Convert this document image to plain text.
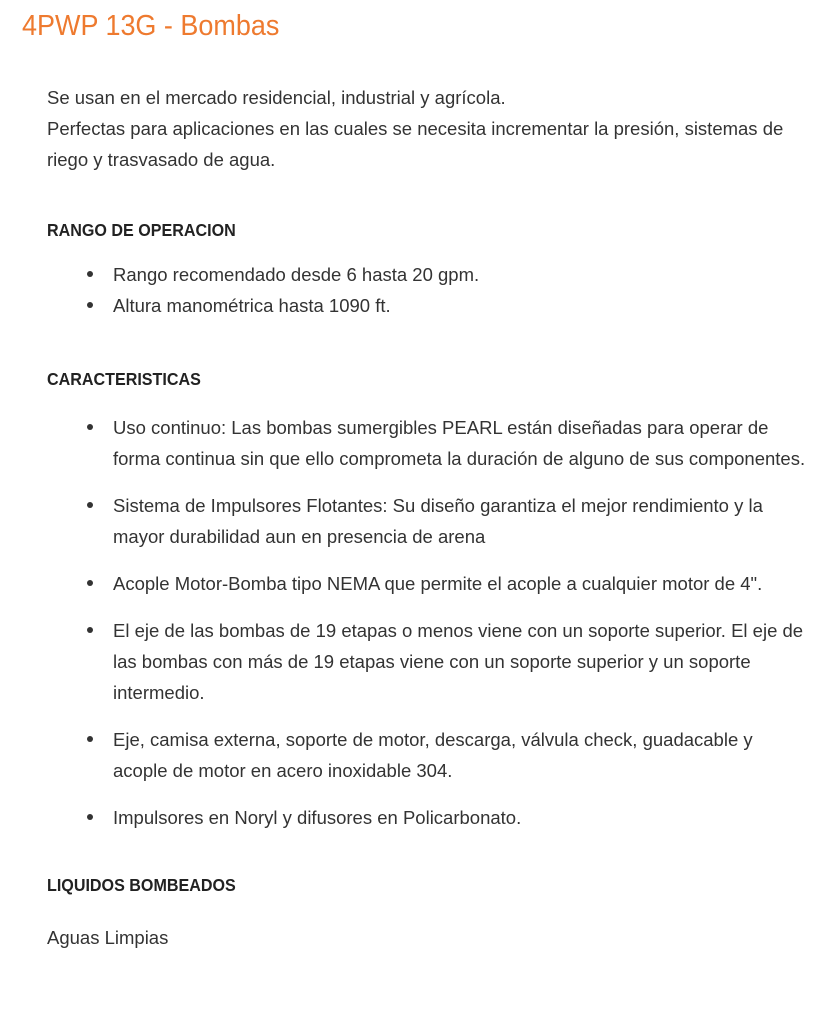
4PWP 13G - Bombas

Se usan en el mercado residencial, industrial y agrícola.

Perfectas para aplicaciones en las cuales se necesita incrementar la presión, sistemas de riego y trasvasado de agua.

RANGO DE OPERACION
Rango recomendado desde 6 hasta 20 gpm.
Altura manométrica hasta 1090 ft.
CARACTERISTICAS
Uso continuo: Las bombas sumergibles PEARL están diseñadas para operar de forma continua sin que ello comprometa la duración de alguno de sus componentes.
Sistema de Impulsores Flotantes: Su diseño garantiza el mejor rendimiento y la mayor durabilidad aun en presencia de arena
Acople Motor-Bomba tipo NEMA que permite el acople a cualquier motor de 4".
El eje de las bombas de 19 etapas o menos viene con un soporte superior. El eje de las bombas con más de 19 etapas viene con un soporte superior y un soporte intermedio.
Eje, camisa externa, soporte de motor, descarga, válvula check, guadacable y acople de motor en acero inoxidable 304.
Impulsores en Noryl y difusores en Policarbonato.
LIQUIDOS BOMBEADOS

Aguas Limpias
